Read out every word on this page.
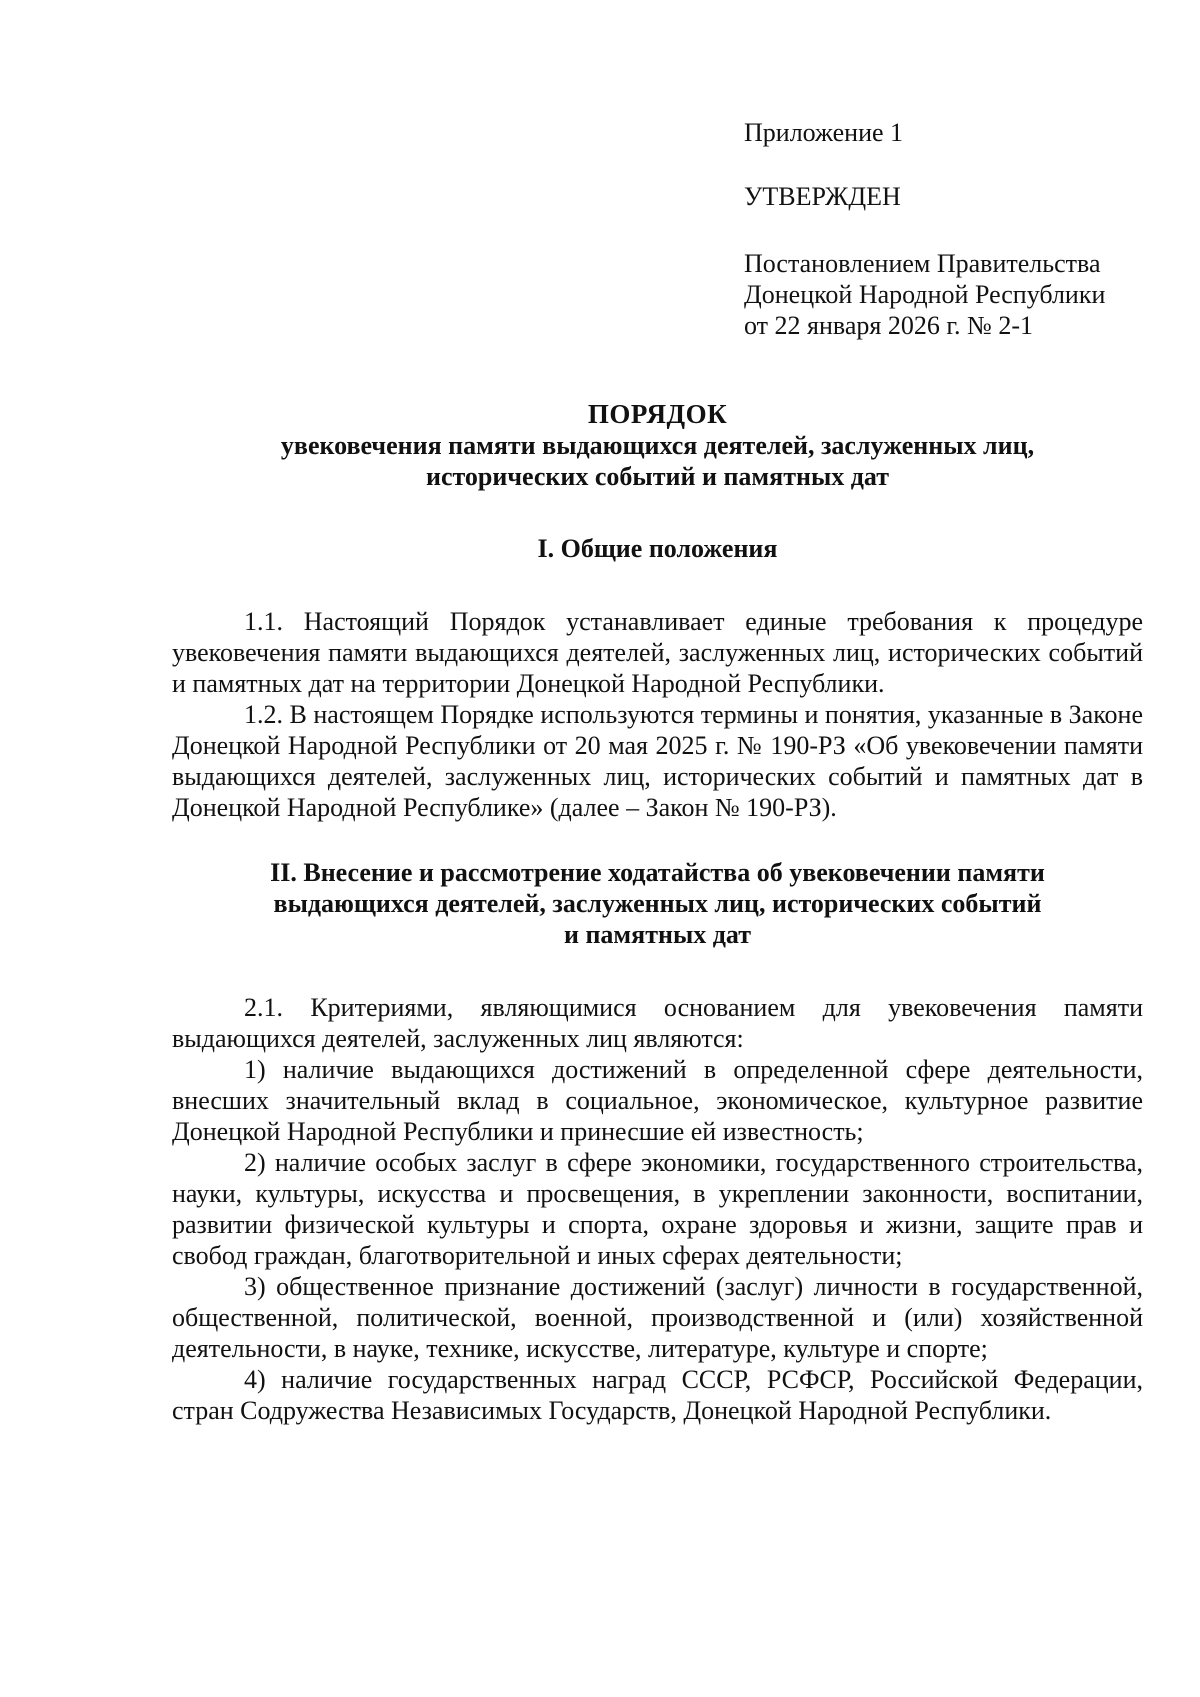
Приложение 1
УТВЕРЖДЕН
Постановлением Правительства
Донецкой Народной Республики
от 22 января 2026 г. № 2-1
ПОРЯДОК
увековечения памяти выдающихся деятелей, заслуженных лиц,
исторических событий и памятных дат
I. Общие положения

1.1. Настоящий Порядок устанавливает единые требования к процедуре увековечения памяти выдающихся деятелей, заслуженных лиц, исторических событий и памятных дат на территории Донецкой Народной Республики.

1.2. В настоящем Порядке используются термины и понятия, указанные в Законе Донецкой Народной Республики от 20 мая 2025 г. № 190-РЗ «Об увековечении памяти выдающихся деятелей, заслуженных лиц, исторических событий и памятных дат в Донецкой Народной Республике» (далее – Закон № 190-РЗ).

II. Внесение и рассмотрение ходатайства об увековечении памяти
выдающихся деятелей, заслуженных лиц, исторических событий
и памятных дат

2.1. Критериями, являющимися основанием для увековечения памяти выдающихся деятелей, заслуженных лиц являются:

1) наличие выдающихся достижений в определенной сфере деятельности, внесших значительный вклад в социальное, экономическое, культурное развитие Донецкой Народной Республики и принесшие ей известность;

2) наличие особых заслуг в сфере экономики, государственного строительства, науки, культуры, искусства и просвещения, в укреплении законности, воспитании, развитии физической культуры и спорта, охране здоровья и жизни, защите прав и свобод граждан, благотворительной и иных сферах деятельности;

3) общественное признание достижений (заслуг) личности в государственной, общественной, политической, военной, производственной и (или) хозяйственной деятельности, в науке, технике, искусстве, литературе, культуре и спорте;

4) наличие государственных наград СССР, РСФСР, Российской Федерации, стран Содружества Независимых Государств, Донецкой Народной Республики.
